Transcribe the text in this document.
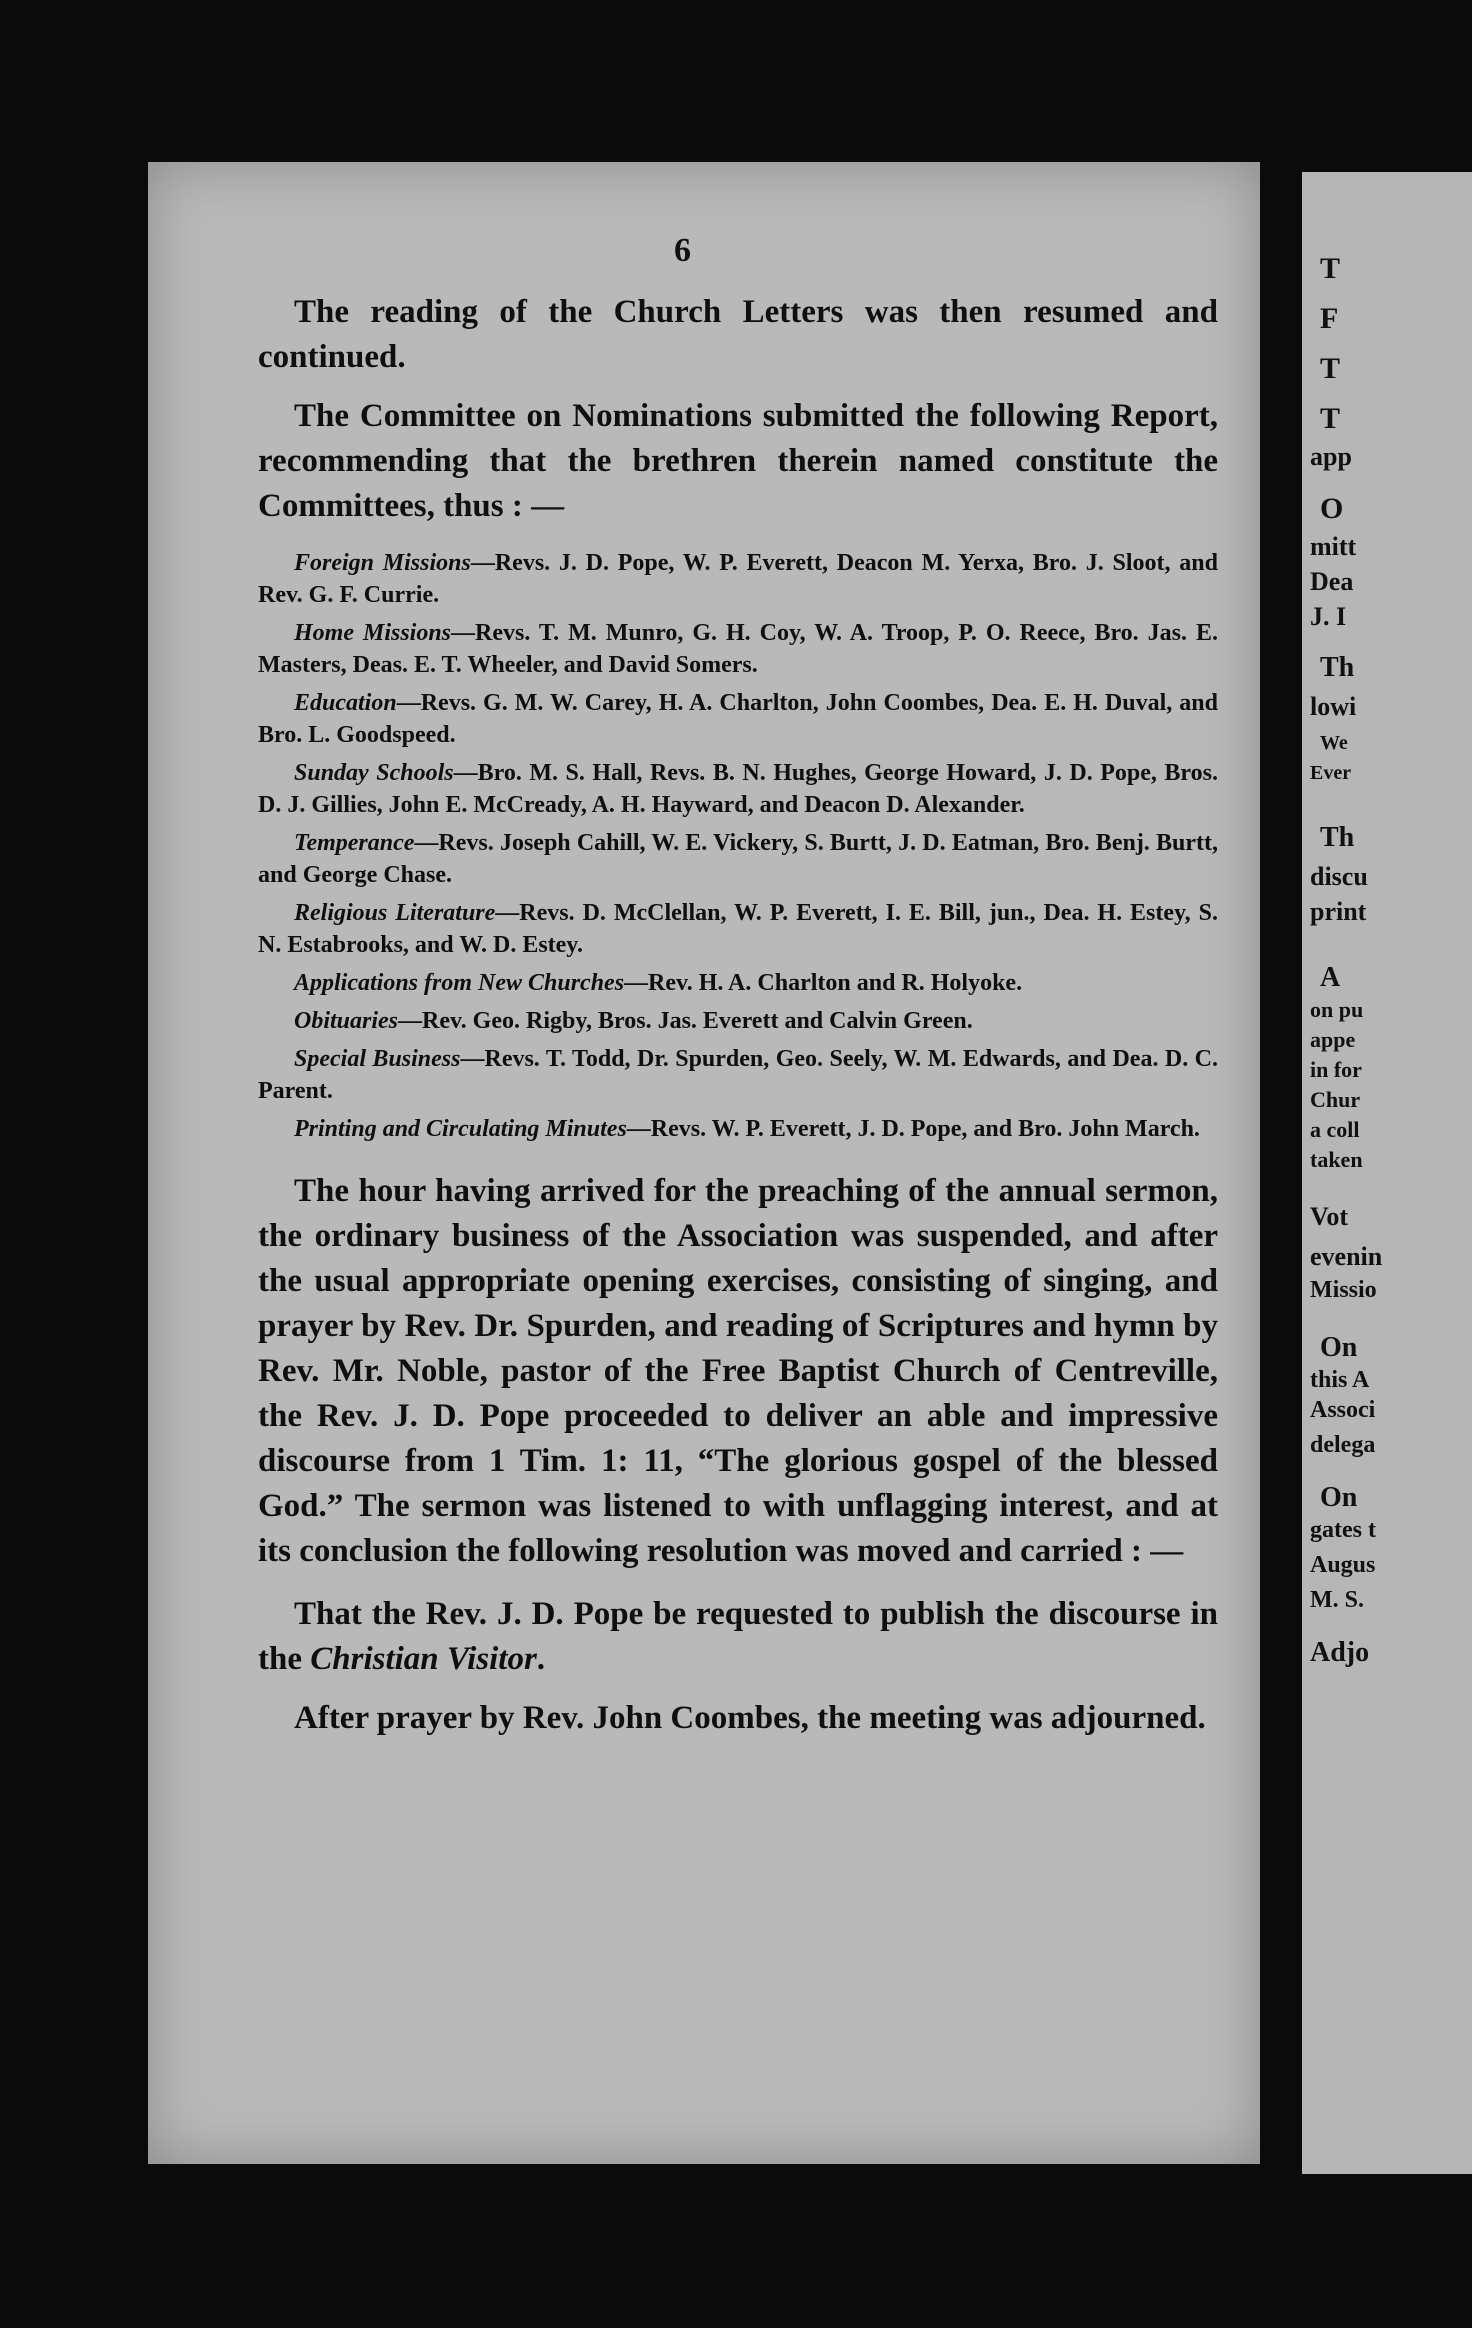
6

The reading of the Church Letters was then resumed and continued.

The Committee on Nominations submitted the following Report, recommending that the brethren therein named constitute the Committees, thus : —

Foreign Missions—Revs. J. D. Pope, W. P. Everett, Deacon M. Yerxa, Bro. J. Sloot, and Rev. G. F. Currie.

Home Missions—Revs. T. M. Munro, G. H. Coy, W. A. Troop, P. O. Reece, Bro. Jas. E. Masters, Deas. E. T. Wheeler, and David Somers.

Education—Revs. G. M. W. Carey, H. A. Charlton, John Coombes, Dea. E. H. Duval, and Bro. L. Goodspeed.

Sunday Schools—Bro. M. S. Hall, Revs. B. N. Hughes, George Howard, J. D. Pope, Bros. D. J. Gillies, John E. McCready, A. H. Hayward, and Deacon D. Alexander.

Temperance—Revs. Joseph Cahill, W. E. Vickery, S. Burtt, J. D. Eatman, Bro. Benj. Burtt, and George Chase.

Religious Literature—Revs. D. McClellan, W. P. Everett, I. E. Bill, jun., Dea. H. Estey, S. N. Estabrooks, and W. D. Estey.

Applications from New Churches—Rev. H. A. Charlton and R. Holyoke.

Obituaries—Rev. Geo. Rigby, Bros. Jas. Everett and Calvin Green.

Special Business—Revs. T. Todd, Dr. Spurden, Geo. Seely, W. M. Edwards, and Dea. D. C. Parent.

Printing and Circulating Minutes—Revs. W. P. Everett, J. D. Pope, and Bro. John March.

The hour having arrived for the preaching of the annual sermon, the ordinary business of the Association was suspended, and after the usual appropriate opening exercises, consisting of singing, and prayer by Rev. Dr. Spurden, and reading of Scriptures and hymn by Rev. Mr. Noble, pastor of the Free Baptist Church of Centreville, the Rev. J. D. Pope proceeded to deliver an able and impressive discourse from 1 Tim. 1: 11, “The glorious gospel of the blessed God.” The sermon was listened to with unflagging interest, and at its conclusion the following resolution was moved and carried : —

That the Rev. J. D. Pope be requested to publish the discourse in the Christian Visitor.

After prayer by Rev. John Coombes, the meeting was adjourned.

T
F
T
T
app
O
mitt
Dea
J. I
Th
lowi
We
Ever
Th
discu
print
A
on pu
appe
in for
Chur
a coll
taken
Vot
evenin
Missio
On
this A
Associ
delega
On
gates t
Augus
M. S.
Adjo
